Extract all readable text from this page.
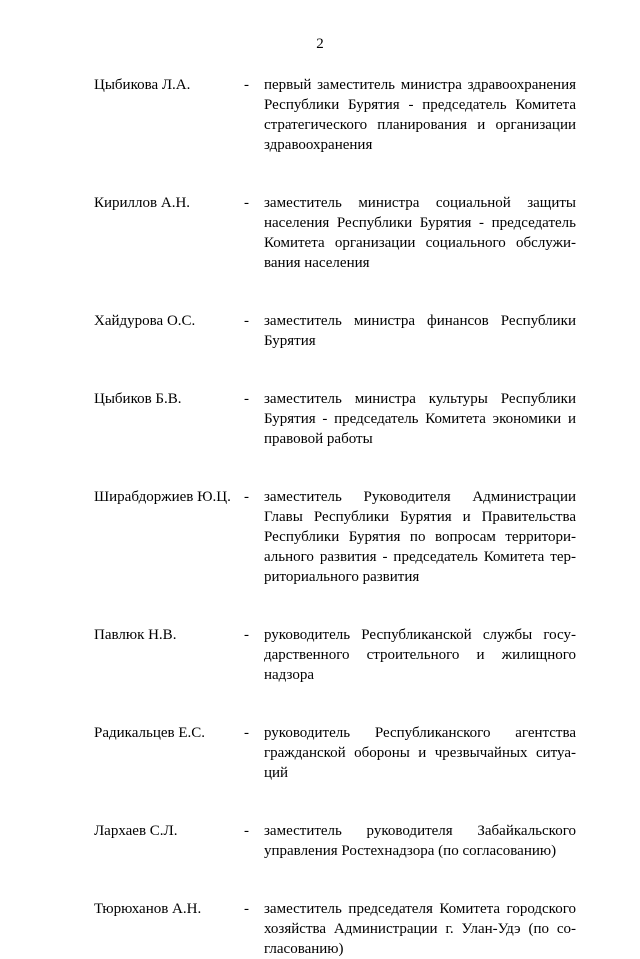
2
Цыбикова Л.А.	-	первый заместитель министра здравоохранения
Республики Бурятия - председатель Комитета
стратегического планирования и организации
здравоохранения
Кириллов А.Н.	-	заместитель министра социальной защиты
населения Республики Бурятия - председатель
Комитета организации социального обслужи-
вания населения
Хайдурова О.С.	-	заместитель министра финансов Республики
Бурятия
Цыбиков Б.В.	-	заместитель министра культуры Республики
Бурятия - председатель Комитета экономики и
правовой работы
Ширабдоржиев Ю.Ц. -	заместитель Руководителя Администрации
Главы Республики Бурятия и Правительства
Республики Бурятия по вопросам территори-
ального развития - председатель Комитета тер-
риториального развития
Павлюк Н.В.	-	руководитель Республиканской службы госу-
дарственного строительного и жилищного
надзора
Радикальцев Е.С.	-	руководитель Республиканского агентства
гражданской обороны и чрезвычайных ситуа-
ций
Лархаев С.Л.	-	заместитель руководителя Забайкальского
управления Ростехнадзора (по согласованию)
Тюрюханов А.Н.	-	заместитель председателя Комитета городского
хозяйства Администрации г. Улан-Удэ (по со-
гласованию)
